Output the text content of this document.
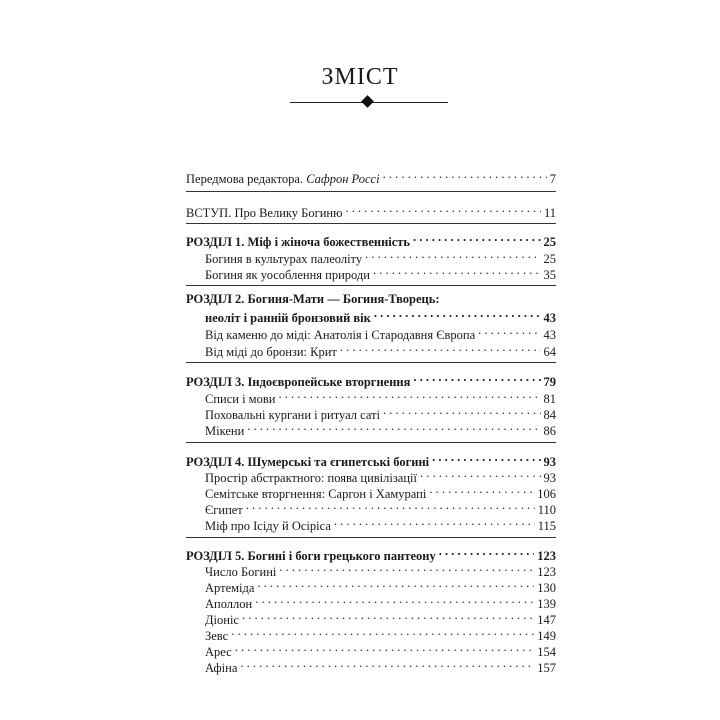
ЗМІСТ
Передмова редактора. Сафрон Россі . . .	7
ВСТУП. Про Велику Богиню . . .	11
РОЗДІЛ 1. Міф і жіноча божественність . . .	25
Богиня в культурах палеоліту . . .	25
Богиня як уособлення природи . . .	35
РОЗДІЛ 2. Богиня-Мати — Богиня-Творець:
неоліт і ранній бронзовий вік . . .	43
Від каменю до міді: Анатолія і Стародавня Європа . . .	43
Від міді до бронзи: Крит . . .	64
РОЗДІЛ 3. Індоєвропейське вторгнення . . .	79
Списи і мови . . .	81
Поховальні кургани і ритуал саті . . .	84
Мікени . . .	86
РОЗДІЛ 4. Шумерські та єгипетські богині . . .	93
Простір абстрактного: поява цивілізації . . .	93
Семітське вторгнення: Саргон і Хамурапі . . .	106
Єгипет . . .	110
Міф про Ісіду й Осіріса . . .	115
РОЗДІЛ 5. Богині і боги грецького пантеону . . .	123
Число Богині . . .	123
Артеміда . . .	130
Аполлон . . .	139
Діоніс . . .	147
Зевс . . .	149
Арес . . .	154
Афіна . . .	157
